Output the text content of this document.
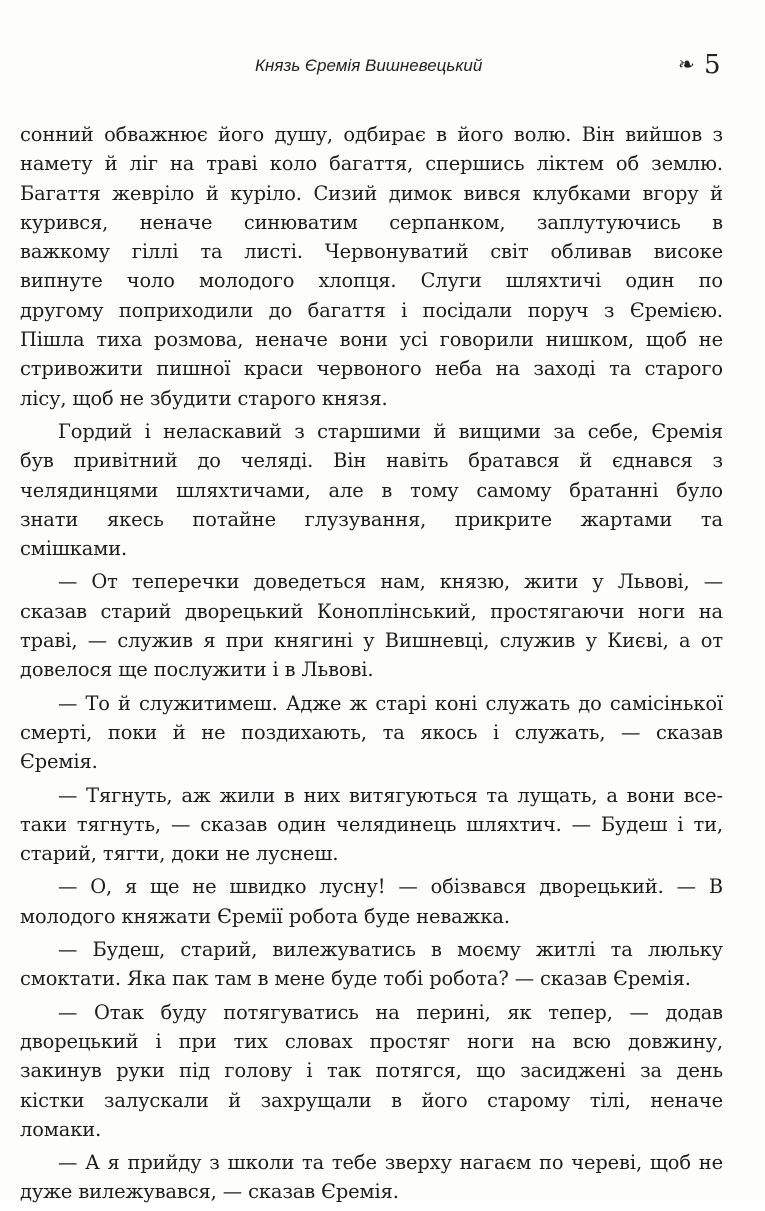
Князь Єремія Вишневецький	❧ 5
сонний обважнює його душу, одбирає в його волю. Він вийшов з
намету й ліг на траві коло багаття, спершись ліктем об землю.
Багаття жевріло й куріло. Сизий димок вився клубками вгору й
курився, неначе синюватим серпанком, заплутуючись в
важкому гіллі та листі. Червонуватий світ обливав високе
випнуте чоло молодого хлопця. Слуги шляхтичі один по
другому поприходили до багаття і посідали поруч з Єремією.
Пішла тиха розмова, неначе вони усі говорили нишком, щоб не
стривожити пишної краси червоного неба на заході та старого
лісу, щоб не збудити старого князя.
Гордий і неласкавий з старшими й вищими за себе, Єремія
був привітний до челяді. Він навіть братався й єднався з
челядинцями шляхтичами, але в тому самому братанні було
знати якесь потайне глузування, прикрите жартами та
смішками.
— От теперечки доведеться нам, князю, жити у Львові, —
сказав старий дворецький Коноплінський, простягаючи ноги на
траві, — служив я при княгині у Вишневці, служив у Києві, а от
довелося ще послужити і в Львові.
— То й служитимеш. Адже ж старі коні служать до самісінької
смерті, поки й не поздихають, та якось і служать, — сказав
Єремія.
— Тягнуть, аж жили в них витягуються та лущать, а вони все-
таки тягнуть, — сказав один челядинець шляхтич. — Будеш і ти,
старий, тягти, доки не луснеш.
— О, я ще не швидко лусну! — обізвався дворецький. — В
молодого княжати Єремії робота буде неважка.
— Будеш, старий, вилежуватись в моєму житлі та люльку
смоктати. Яка пак там в мене буде тобі робота? — сказав Єремія.
— Отак буду потягуватись на перині, як тепер, — додав
дворецький і при тих словах простяг ноги на всю довжину,
закинув руки під голову і так потягся, що засиджені за день
кістки залускали й захрущали в його старому тілі, неначе
ломаки.
— А я прийду з школи та тебе зверху нагаєм по череві, щоб не
дуже вилежувався, — сказав Єремія.
